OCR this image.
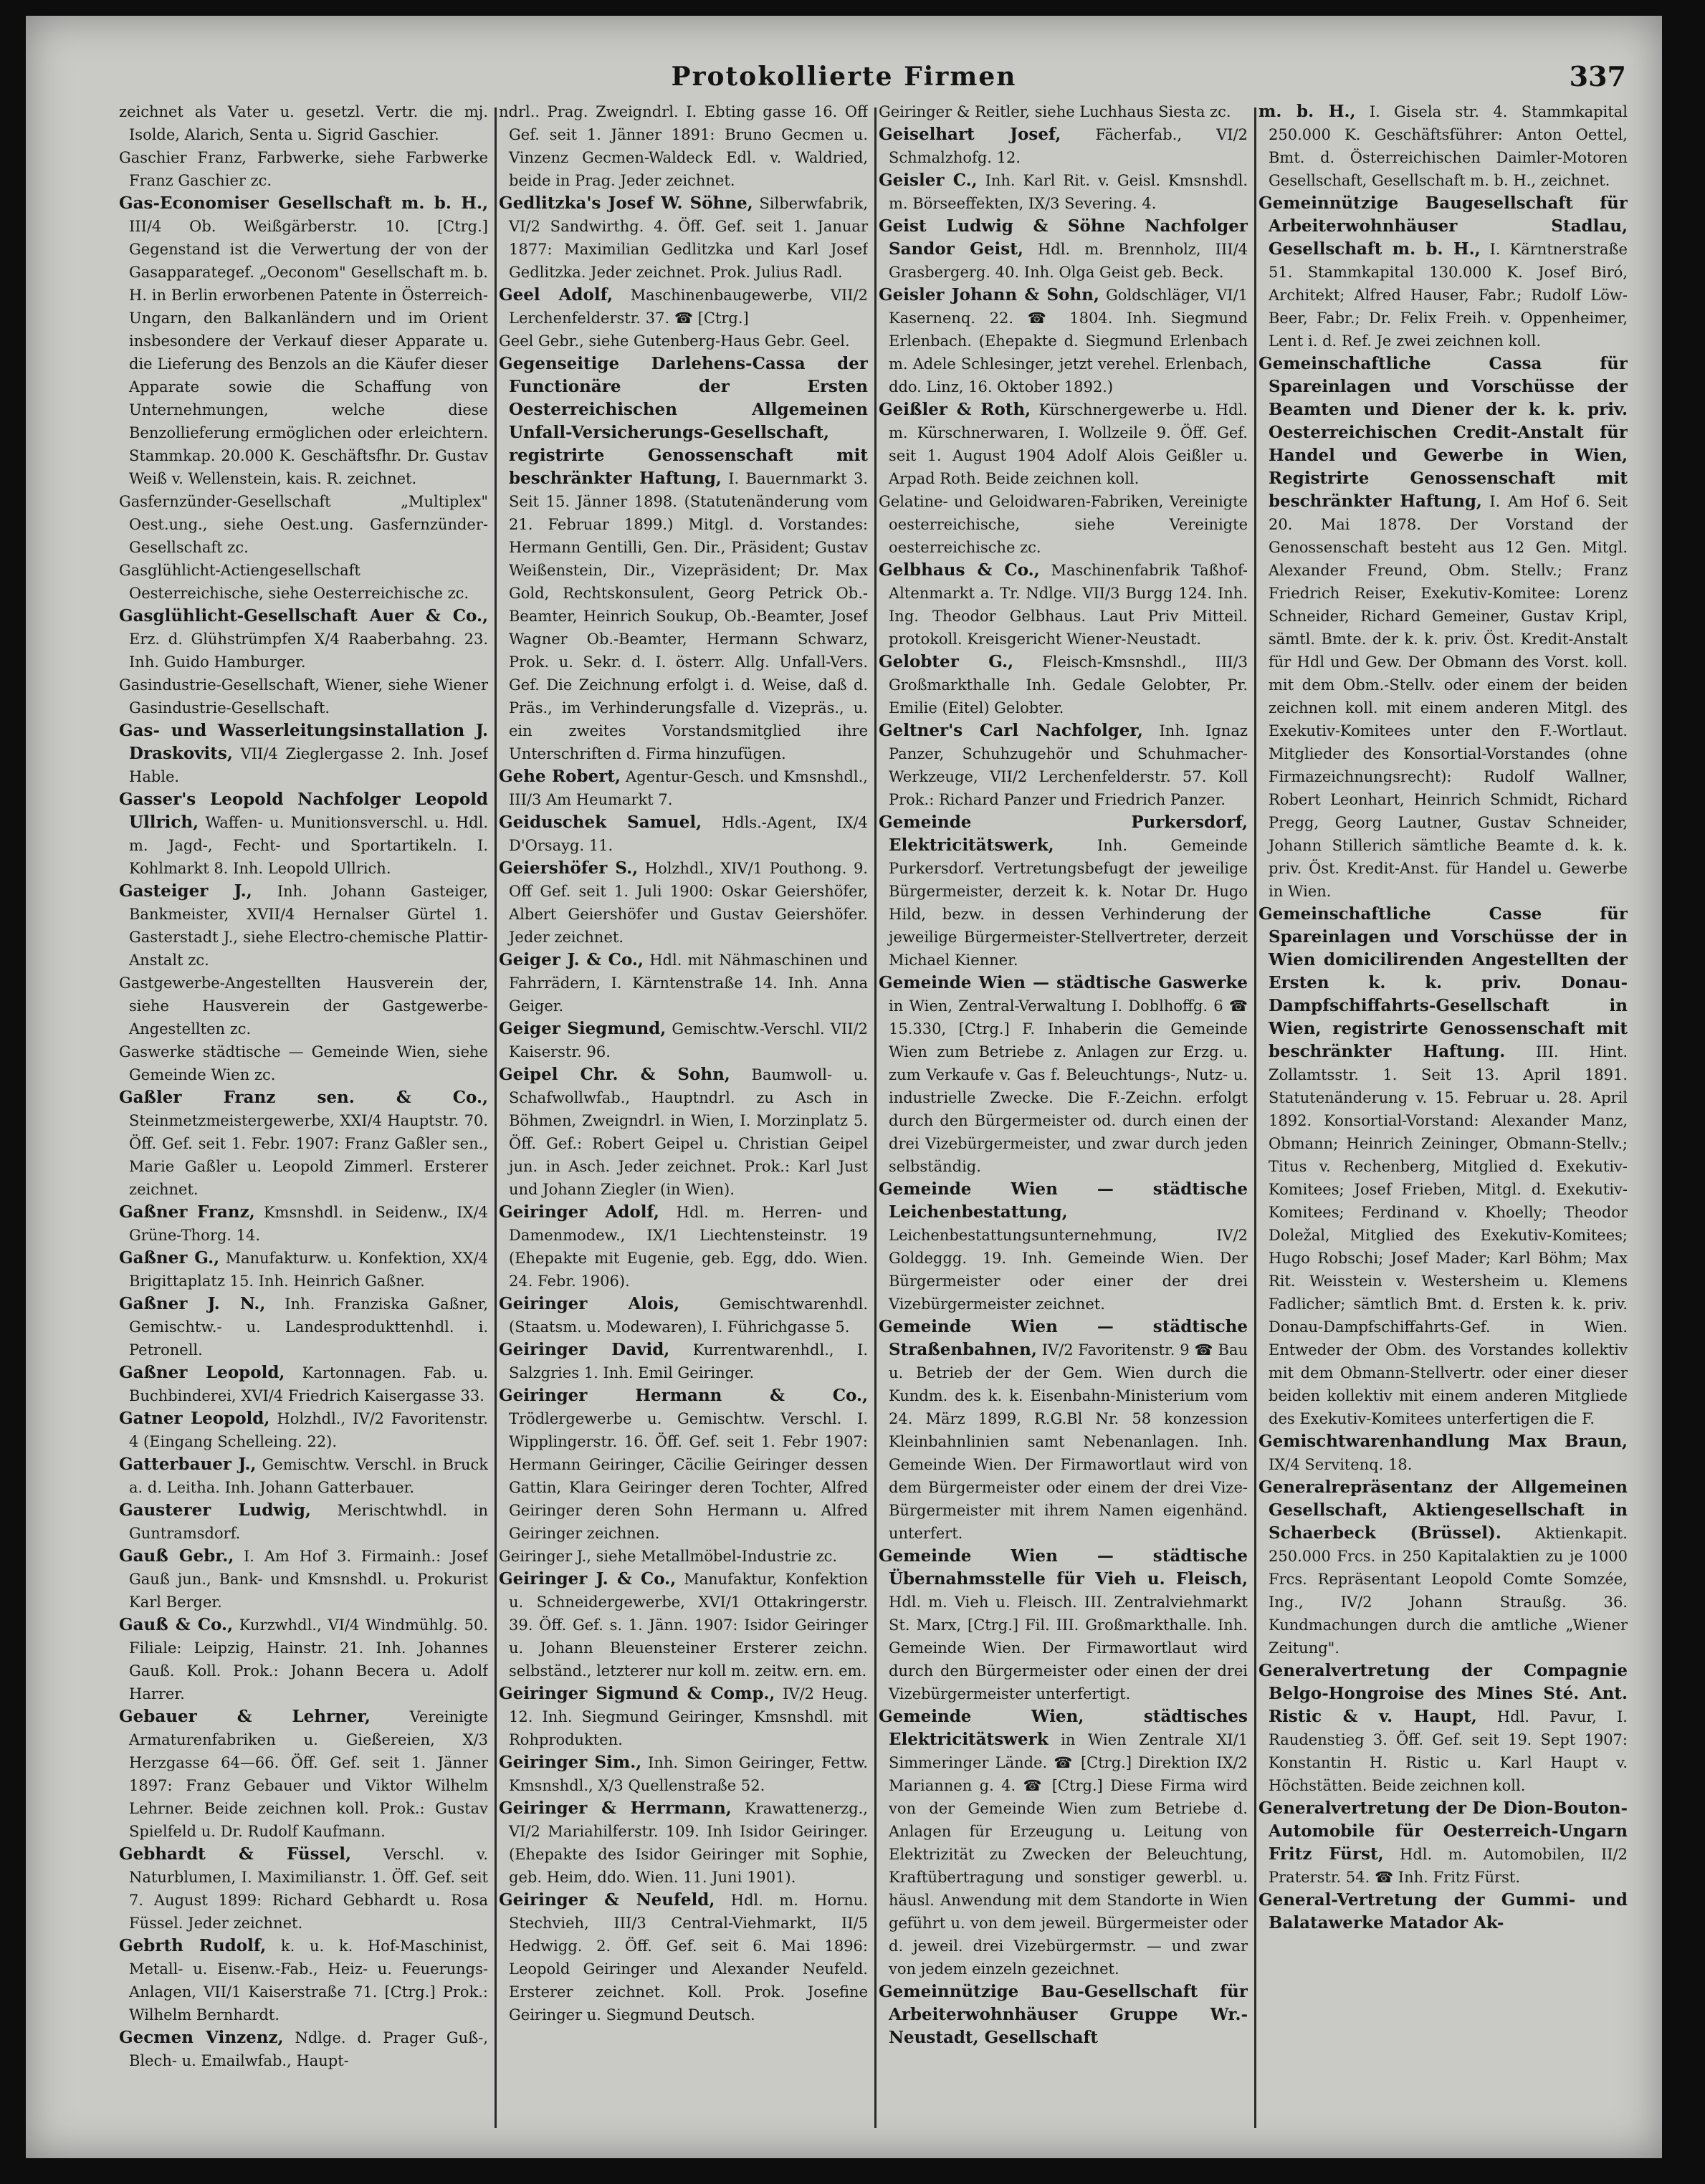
Protokollierte Firmen	337

zeichnet als Vater u. gesetzl. Vertr. die mj. Isolde, Alarich, Senta u. Sigrid Gaschier.

Gaschier Franz, Farbwerke, siehe Farbwerke Franz Gaschier zc.

Gas-Economiser Gesellschaft m. b. H., III/4 Ob. Weißgärberstr. 10. [Ctrg.] Gegenstand ist die Verwertung der von der Gasapparategef. „Oeconom" Gesellschaft m. b. H. in Berlin erworbenen Patente in Österreich-Ungarn, den Balkanländern und im Orient insbesondere der Verkauf dieser Apparate u. die Lieferung des Benzols an die Käufer dieser Apparate sowie die Schaffung von Unternehmungen, welche diese Benzollieferung ermöglichen oder erleichtern. Stammkap. 20.000 K. Geschäftsfhr. Dr. Gustav Weiß v. Wellenstein, kais. R. zeichnet.

Gasfernzünder-Gesellschaft „Multiplex" Oest.ung., siehe Oest.ung. Gasfernzünder-Gesellschaft zc.

Gasglühlicht-Actiengesellschaft Oesterreichische, siehe Oesterreichische zc.

Gasglühlicht-Gesellschaft Auer & Co., Erz. d. Glühstrümpfen X/4 Raaberbahng. 23. Inh. Guido Hamburger.

Gasindustrie-Gesellschaft, Wiener, siehe Wiener Gasindustrie-Gesellschaft.

Gas- und Wasserleitungsinstallation J. Draskovits, VII/4 Zieglergasse 2. Inh. Josef Hable.

Gasser's Leopold Nachfolger Leopold Ullrich, Waffen- u. Munitionsverschl. u. Hdl. m. Jagd-, Fecht- und Sportartikeln. I. Kohlmarkt 8. Inh. Leopold Ullrich.

Gasteiger J., Inh. Johann Gasteiger, Bankmeister, XVII/4 Hernalser Gürtel 1. Gasterstadt J., siehe Electro-chemische Plattir-Anstalt zc.

Gastgewerbe-Angestellten Hausverein der, siehe Hausverein der Gastgewerbe-Angestellten zc.

Gaswerke städtische — Gemeinde Wien, siehe Gemeinde Wien zc.

Gaßler Franz sen. & Co., Steinmetzmeistergewerbe, XXI/4 Hauptstr. 70. Öff. Gef. seit 1. Febr. 1907: Franz Gaßler sen., Marie Gaßler u. Leopold Zimmerl. Ersterer zeichnet.

Gaßner Franz, Kmsnshdl. in Seidenw., IX/4 Grüne-Thorg. 14.

Gaßner G., Manufakturw. u. Konfektion, XX/4 Brigittaplatz 15. Inh. Heinrich Gaßner.

Gaßner J. N., Inh. Franziska Gaßner, Gemischtw.- u. Landesprodukttenhdl. i. Petronell.

Gaßner Leopold, Kartonnagen. Fab. u. Buchbinderei, XVI/4 Friedrich Kaisergasse 33.

Gatner Leopold, Holzhdl., IV/2 Favoritenstr. 4 (Eingang Schelleing. 22).

Gatterbauer J., Gemischtw. Verschl. in Bruck a. d. Leitha. Inh. Johann Gatterbauer.

Gausterer Ludwig, Merischtwhdl. in Guntramsdorf.

Gauß Gebr., I. Am Hof 3. Firmainh.: Josef Gauß jun., Bank- und Kmsnshdl. u. Prokurist Karl Berger.

Gauß & Co., Kurzwhdl., VI/4 Windmühlg. 50. Filiale: Leipzig, Hainstr. 21. Inh. Johannes Gauß. Koll. Prok.: Johann Becera u. Adolf Harrer.

Gebauer & Lehrner,	Vereinigte Armaturenfabriken u. Gießereien, X/3 Herzgasse 64—66. Öff. Gef. seit 1. Jänner 1897: Franz Gebauer und Viktor Wilhelm Lehrner. Beide zeichnen koll. Prok.: Gustav Spielfeld u. Dr. Rudolf Kaufmann.

Gebhardt & Füssel, Verschl. v. Naturblumen, I. Maximilianstr. 1. Öff. Gef. seit 7. August 1899: Richard Gebhardt u. Rosa Füssel. Jeder zeichnet.

Gebrth Rudolf, k. u. k. Hof-Maschinist, Metall- u. Eisenw.-Fab., Heiz- u. Feuerungs-Anlagen, VII/1 Kaiserstraße 71. [Ctrg.] Prok.: Wilhelm Bernhardt.

Gecmen Vinzenz, Ndlge. d. Prager Guß-, Blech- u. Emailwfab., Haupt-

ndrl.. Prag. Zweigndrl. I. Ebting gasse 16. Off Gef. seit 1. Jänner 1891: Bruno Gecmen u. Vinzenz Gecmen-Waldeck Edl. v. Waldried, beide in Prag. Jeder zeichnet.

Gedlitzka's Josef W. Söhne, Silberwfabrik, VI/2 Sandwirthg. 4. Öff. Gef. seit 1. Januar 1877: Maximilian Gedlitzka und Karl Josef Gedlitzka. Jeder zeichnet. Prok. Julius Radl.

Geel Adolf, Maschinenbaugewerbe, VII/2 Lerchenfelderstr. 37. ☎ [Ctrg.]

Geel Gebr., siehe Gutenberg-Haus Gebr. Geel.

Gegenseitige Darlehens-Cassa der Functionäre der Ersten Oesterreichischen Allgemeinen Unfall-Versicherungs-Gesellschaft, registrirte Genossenschaft mit beschränkter Haftung, I. Bauernmarkt 3. Seit 15. Jänner 1898. (Statutenänderung vom 21. Februar 1899.) Mitgl. d. Vorstandes: Hermann Gentilli, Gen. Dir., Präsident; Gustav Weißenstein, Dir., Vizepräsident; Dr. Max Gold, Rechtskonsulent, Georg Petrick Ob.-Beamter, Heinrich Soukup, Ob.-Beamter, Josef Wagner Ob.-Beamter, Hermann Schwarz, Prok. u. Sekr. d. I. österr. Allg. Unfall-Vers. Gef. Die Zeichnung erfolgt i. d. Weise, daß d. Präs., im Verhinderungsfalle d. Vizepräs., u. ein zweites Vorstandsmitglied ihre Unterschriften d. Firma hinzufügen.

Gehe Robert, Agentur-Gesch. und Kmsnshdl., III/3 Am Heumarkt 7.

Geiduschek Samuel, Hdls.-Agent, IX/4 D'Orsayg. 11.

Geiershöfer S., Holzhdl., XIV/1 Pouthong. 9. Off Gef. seit 1. Juli 1900: Oskar Geiershöfer, Albert Geiershöfer und Gustav Geiershöfer. Jeder zeichnet.

Geiger J. & Co., Hdl. mit Nähmaschinen und Fahrrädern, I. Kärntenstraße 14. Inh. Anna Geiger.

Geiger Siegmund, Gemischtw.-Verschl. VII/2 Kaiserstr. 96.

Geipel Chr. & Sohn, Baumwoll- u. Schafwollwfab., Hauptndrl. zu Asch in Böhmen, Zweigndrl. in Wien, I. Morzinplatz 5. Öff. Gef.: Robert Geipel u. Christian Geipel jun. in Asch. Jeder zeichnet. Prok.: Karl Just und Johann Ziegler (in Wien).

Geiringer Adolf, Hdl. m. Herren- und Damenmodew., IX/1 Liechtensteinstr. 19 (Ehepakte mit Eugenie, geb. Egg, ddo. Wien. 24. Febr. 1906).

Geiringer Alois,	Gemischtwarenhdl. (Staatsm. u. Modewaren), I. Führichgasse 5.

Geiringer David, Kurrentwarenhdl., I. Salzgries 1. Inh. Emil Geiringer.

Geiringer Hermann & Co., Trödlergewerbe u. Gemischtw. Verschl. I. Wipplingerstr. 16. Öff. Gef. seit 1. Febr 1907: Hermann Geiringer, Cäcilie Geiringer dessen Gattin, Klara Geiringer deren Tochter, Alfred Geiringer deren Sohn Hermann u. Alfred Geiringer zeichnen.

Geiringer J., siehe Metallmöbel-Industrie zc.

Geiringer J. & Co., Manufaktur, Konfektion u. Schneidergewerbe, XVI/1 Ottakringerstr. 39. Öff. Gef. s. 1. Jänn. 1907: Isidor Geiringer u. Johann Bleuensteiner Ersterer zeichn. selbständ., letzterer nur koll m. zeitw. ern. em.

Geiringer Sigmund & Comp., IV/2 Heug. 12. Inh. Siegmund Geiringer, Kmsnshdl. mit Rohprodukten.

Geiringer Sim., Inh. Simon Geiringer, Fettw. Kmsnshdl., X/3 Quellenstraße 52.

Geiringer & Herrmann, Krawattenerzg., VI/2 Mariahilferstr. 109. Inh Isidor Geiringer. (Ehepakte des Isidor Geiringer mit Sophie, geb. Heim, ddo. Wien. 11. Juni 1901).

Geiringer & Neufeld, Hdl. m. Hornu. Stechvieh, III/3 Central-Viehmarkt, II/5 Hedwigg. 2. Öff. Gef. seit 6. Mai 1896: Leopold Geiringer und Alexander Neufeld. Ersterer zeichnet. Koll. Prok. Josefine Geiringer u. Siegmund Deutsch.

Geiringer & Reitler, siehe Luchhaus Siesta zc.

Geiselhart Josef, Fächerfab., VI/2 Schmalzhofg. 12.

Geisler C., Inh. Karl Rit. v. Geisl. Kmsnshdl. m. Börseeffekten, IX/3 Severing. 4.

Geist Ludwig & Söhne Nachfolger Sandor Geist, Hdl. m. Brennholz, III/4 Grasbergerg. 40. Inh. Olga Geist geb. Beck.

Geisler Johann & Sohn, Goldschläger, VI/1 Kasernenq. 22. ☎ 1804. Inh. Siegmund Erlenbach. (Ehepakte d. Siegmund Erlenbach m. Adele Schlesinger, jetzt verehel. Erlenbach, ddo. Linz, 16. Oktober 1892.)

Geißler & Roth, Kürschnergewerbe u. Hdl. m. Kürschnerwaren, I. Wollzeile 9. Öff. Gef. seit 1. August 1904 Adolf Alois Geißler u. Arpad Roth. Beide zeichnen koll.

Gelatine- und Geloidwaren-Fabriken, Vereinigte oesterreichische, siehe Vereinigte oesterreichische zc.

Gelbhaus & Co., Maschinenfabrik Taßhof-Altenmarkt a. Tr. Ndlge. VII/3 Burgg 124. Inh. Ing. Theodor Gelbhaus. Laut Priv Mitteil. protokoll. Kreisgericht Wiener-Neustadt.

Gelobter G., Fleisch-Kmsnshdl., III/3 Großmarkthalle Inh. Gedale Gelobter, Pr. Emilie (Eitel) Gelobter.

Geltner's Carl Nachfolger, Inh. Ignaz Panzer, Schuhzugehör und Schuhmacher-Werkzeuge, VII/2 Lerchenfelderstr. 57. Koll Prok.: Richard Panzer und Friedrich Panzer.

Gemeinde Purkersdorf, Elektricitätswerk,	Inh. Gemeinde Purkersdorf. Vertretungsbefugt der jeweilige Bürgermeister, derzeit k. k. Notar Dr. Hugo Hild, bezw. in dessen Verhinderung der jeweilige Bürgermeister-Stellvertreter, derzeit Michael Kienner.

Gemeinde Wien — städtische Gaswerke in Wien, Zentral-Verwaltung I. Doblhoffg. 6 ☎ 15.330, [Ctrg.] F. Inhaberin die Gemeinde Wien zum Betriebe z. Anlagen zur Erzg. u. zum Verkaufe v. Gas f. Beleuchtungs-, Nutz- u. industrielle Zwecke. Die F.-Zeichn. erfolgt durch den Bürgermeister od. durch einen der drei Vizebürgermeister, und zwar durch jeden selbständig.

Gemeinde Wien — städtische Leichenbestattung, Leichenbestattungsunternehmung, IV/2 Goldeggg. 19. Inh. Gemeinde Wien. Der Bürgermeister oder einer der drei Vizebürgermeister zeichnet.

Gemeinde Wien — städtische Straßenbahnen, IV/2 Favoritenstr. 9 ☎ Bau u. Betrieb der der Gem. Wien durch die Kundm. des k. k. Eisenbahn-Ministerium vom 24. März 1899, R.G.Bl Nr. 58 konzession Kleinbahnlinien samt Nebenanlagen. Inh. Gemeinde Wien. Der Firmawortlaut wird von dem Bürgermeister oder einem der drei Vize-Bürgermeister mit ihrem Namen eigenhänd. unterfert.

Gemeinde Wien — städtische Übernahmsstelle für Vieh u. Fleisch, Hdl. m. Vieh u. Fleisch. III. Zentralviehmarkt St. Marx, [Ctrg.] Fil. III. Großmarkthalle. Inh. Gemeinde Wien. Der Firmawortlaut wird durch den Bürgermeister oder einen der drei Vizebürgermeister unterfertigt.

Gemeinde Wien, städtisches Elektricitätswerk in Wien Zentrale XI/1 Simmeringer Lände. ☎ [Ctrg.] Direktion IX/2 Mariannen g. 4. ☎ [Ctrg.] Diese Firma wird von der Gemeinde Wien zum Betriebe d. Anlagen für Erzeugung u. Leitung von Elektrizität zu Zwecken der Beleuchtung, Kraftübertragung und sonstiger gewerbl. u. häusl. Anwendung mit dem Standorte in Wien geführt u. von dem jeweil. Bürgermeister oder d. jeweil. drei Vizebürgermstr. — und zwar von jedem einzeln gezeichnet.

Gemeinnützige Bau-Gesellschaft für Arbeiterwohnhäuser Gruppe Wr.-Neustadt, Gesellschaft

m. b. H., I. Gisela str. 4. Stammkapital 250.000 K. Geschäftsführer: Anton Oettel, Bmt. d. Österreichischen Daimler-Motoren Gesellschaft, Gesellschaft m. b. H., zeichnet.

Gemeinnützige Baugesellschaft für Arbeiterwohnhäuser Stadlau, Gesellschaft m. b. H., I. Kärntnerstraße 51. Stammkapital 130.000 K. Josef Biró, Architekt; Alfred Hauser, Fabr.; Rudolf Löw-Beer, Fabr.; Dr. Felix Freih. v. Oppenheimer, Lent i. d. Ref. Je zwei zeichnen koll.

Gemeinschaftliche Cassa für Spareinlagen und Vorschüsse der Beamten und Diener der k. k. priv. Oesterreichischen Credit-Anstalt für Handel und Gewerbe in Wien, Registrirte Genossenschaft mit beschränkter Haftung, I. Am Hof 6. Seit 20. Mai 1878. Der Vorstand der Genossenschaft besteht aus 12 Gen. Mitgl. Alexander Freund, Obm. Stellv.; Franz Friedrich Reiser, Exekutiv-Komitee: Lorenz Schneider, Richard Gemeiner, Gustav Kripl, sämtl. Bmte. der k. k. priv. Öst. Kredit-Anstalt für Hdl und Gew. Der Obmann des Vorst. koll. mit dem Obm.-Stellv. oder einem der beiden zeichnen koll. mit einem anderen Mitgl. des Exekutiv-Komitees unter den F.-Wortlaut. Mitglieder des Konsortial-Vorstandes (ohne Firmazeichnungsrecht): Rudolf Wallner, Robert Leonhart, Heinrich Schmidt, Richard Pregg, Georg Lautner, Gustav Schneider, Johann Stillerich sämtliche Beamte d. k. k. priv. Öst. Kredit-Anst. für Handel u. Gewerbe in Wien.

Gemeinschaftliche Casse für Spareinlagen und Vorschüsse der in Wien domicilirenden Angestellten der Ersten k. k. priv. Donau-Dampfschiffahrts-Gesellschaft in Wien, registrirte Genossenschaft mit beschränkter Haftung. III. Hint. Zollamtsstr. 1. Seit 13. April 1891. Statutenänderung v. 15. Februar u. 28. April 1892. Konsortial-Vorstand: Alexander Manz, Obmann; Heinrich Zeininger, Obmann-Stellv.; Titus v. Rechenberg, Mitglied d. Exekutiv-Komitees; Josef Frieben, Mitgl. d. Exekutiv-Komitees; Ferdinand v. Khoelly; Theodor Doležal, Mitglied des Exekutiv-Komitees; Hugo Robschi; Josef Mader; Karl Böhm; Max Rit. Weisstein v. Westersheim u. Klemens Fadlicher; sämtlich Bmt. d. Ersten k. k. priv. Donau-Dampfschiffahrts-Gef. in Wien. Entweder der Obm. des Vorstandes kollektiv mit dem Obmann-Stellvertr. oder einer dieser beiden kollektiv mit einem anderen Mitgliede des Exekutiv-Komitees unterfertigen die F.

Gemischtwarenhandlung Max Braun, IX/4 Servitenq. 18.

Generalrepräsentanz der Allgemeinen Gesellschaft, Aktiengesellschaft in Schaerbeck (Brüssel). Aktienkapit. 250.000 Frcs. in 250 Kapitalaktien zu je 1000 Frcs. Repräsentant Leopold Comte Somzée, Ing., IV/2 Johann Straußg. 36. Kundmachungen durch die amtliche „Wiener Zeitung".

Generalvertretung der Compagnie Belgo-Hongroise des Mines Sté. Ant. Ristic & v. Haupt, Hdl. Pavur, I. Raudenstieg 3. Öff. Gef. seit 19. Sept 1907: Konstantin H. Ristic u. Karl Haupt v. Höchstätten. Beide zeichnen koll.

Generalvertretung der De Dion-Bouton-Automobile für Oesterreich-Ungarn Fritz Fürst, Hdl. m. Automobilen, II/2 Praterstr. 54. ☎ Inh. Fritz Fürst.

General-Vertretung der Gummi- und Balatawerke Matador Ak-
